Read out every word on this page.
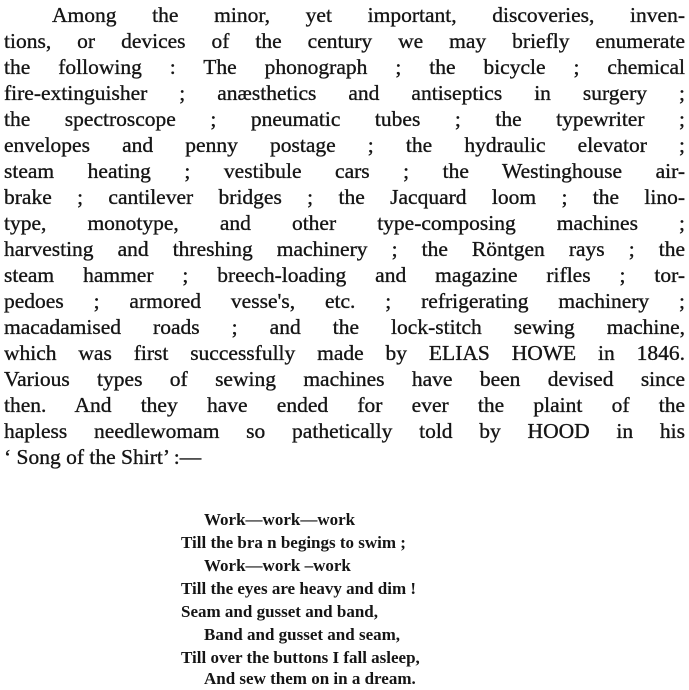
Among the minor, yet important, discoveries, inven-
tions, or devices of the century we may briefly enumerate
the following : The phonograph ; the bicycle ; chemical
fire-extinguisher ; anæsthetics and antiseptics in surgery ;
the spectroscope ; pneumatic tubes ; the typewriter ;
envelopes and penny postage ; the hydraulic elevator ;
steam heating ; vestibule cars ; the Westinghouse air-
brake ; cantilever bridges ; the Jacquard loom ; the lino-
type, monotype, and other type-composing machines ;
harvesting and threshing machinery ; the Röntgen rays ; the
steam hammer ; breech-loading and magazine rifles ; tor-
pedoes ; armored vesse's, etc. ; refrigerating machinery ;
macadamised roads ; and the lock-stitch sewing machine,
which was first successfully made by ELIAS HOWE in 1846.
Various types of sewing machines have been devised since
then. And they have ended for ever the plaint of the
hapless needlewomam so pathetically told by HOOD in his
‘ Song of the Shirt’ :—
Work—work—work
Till the bra n begings to swim ;
Work—work –work
Till the eyes are heavy and dim !
Seam and gusset and band,
Band and gusset and seam,
Till over the buttons I fall asleep,
And sew them on in a dream.
